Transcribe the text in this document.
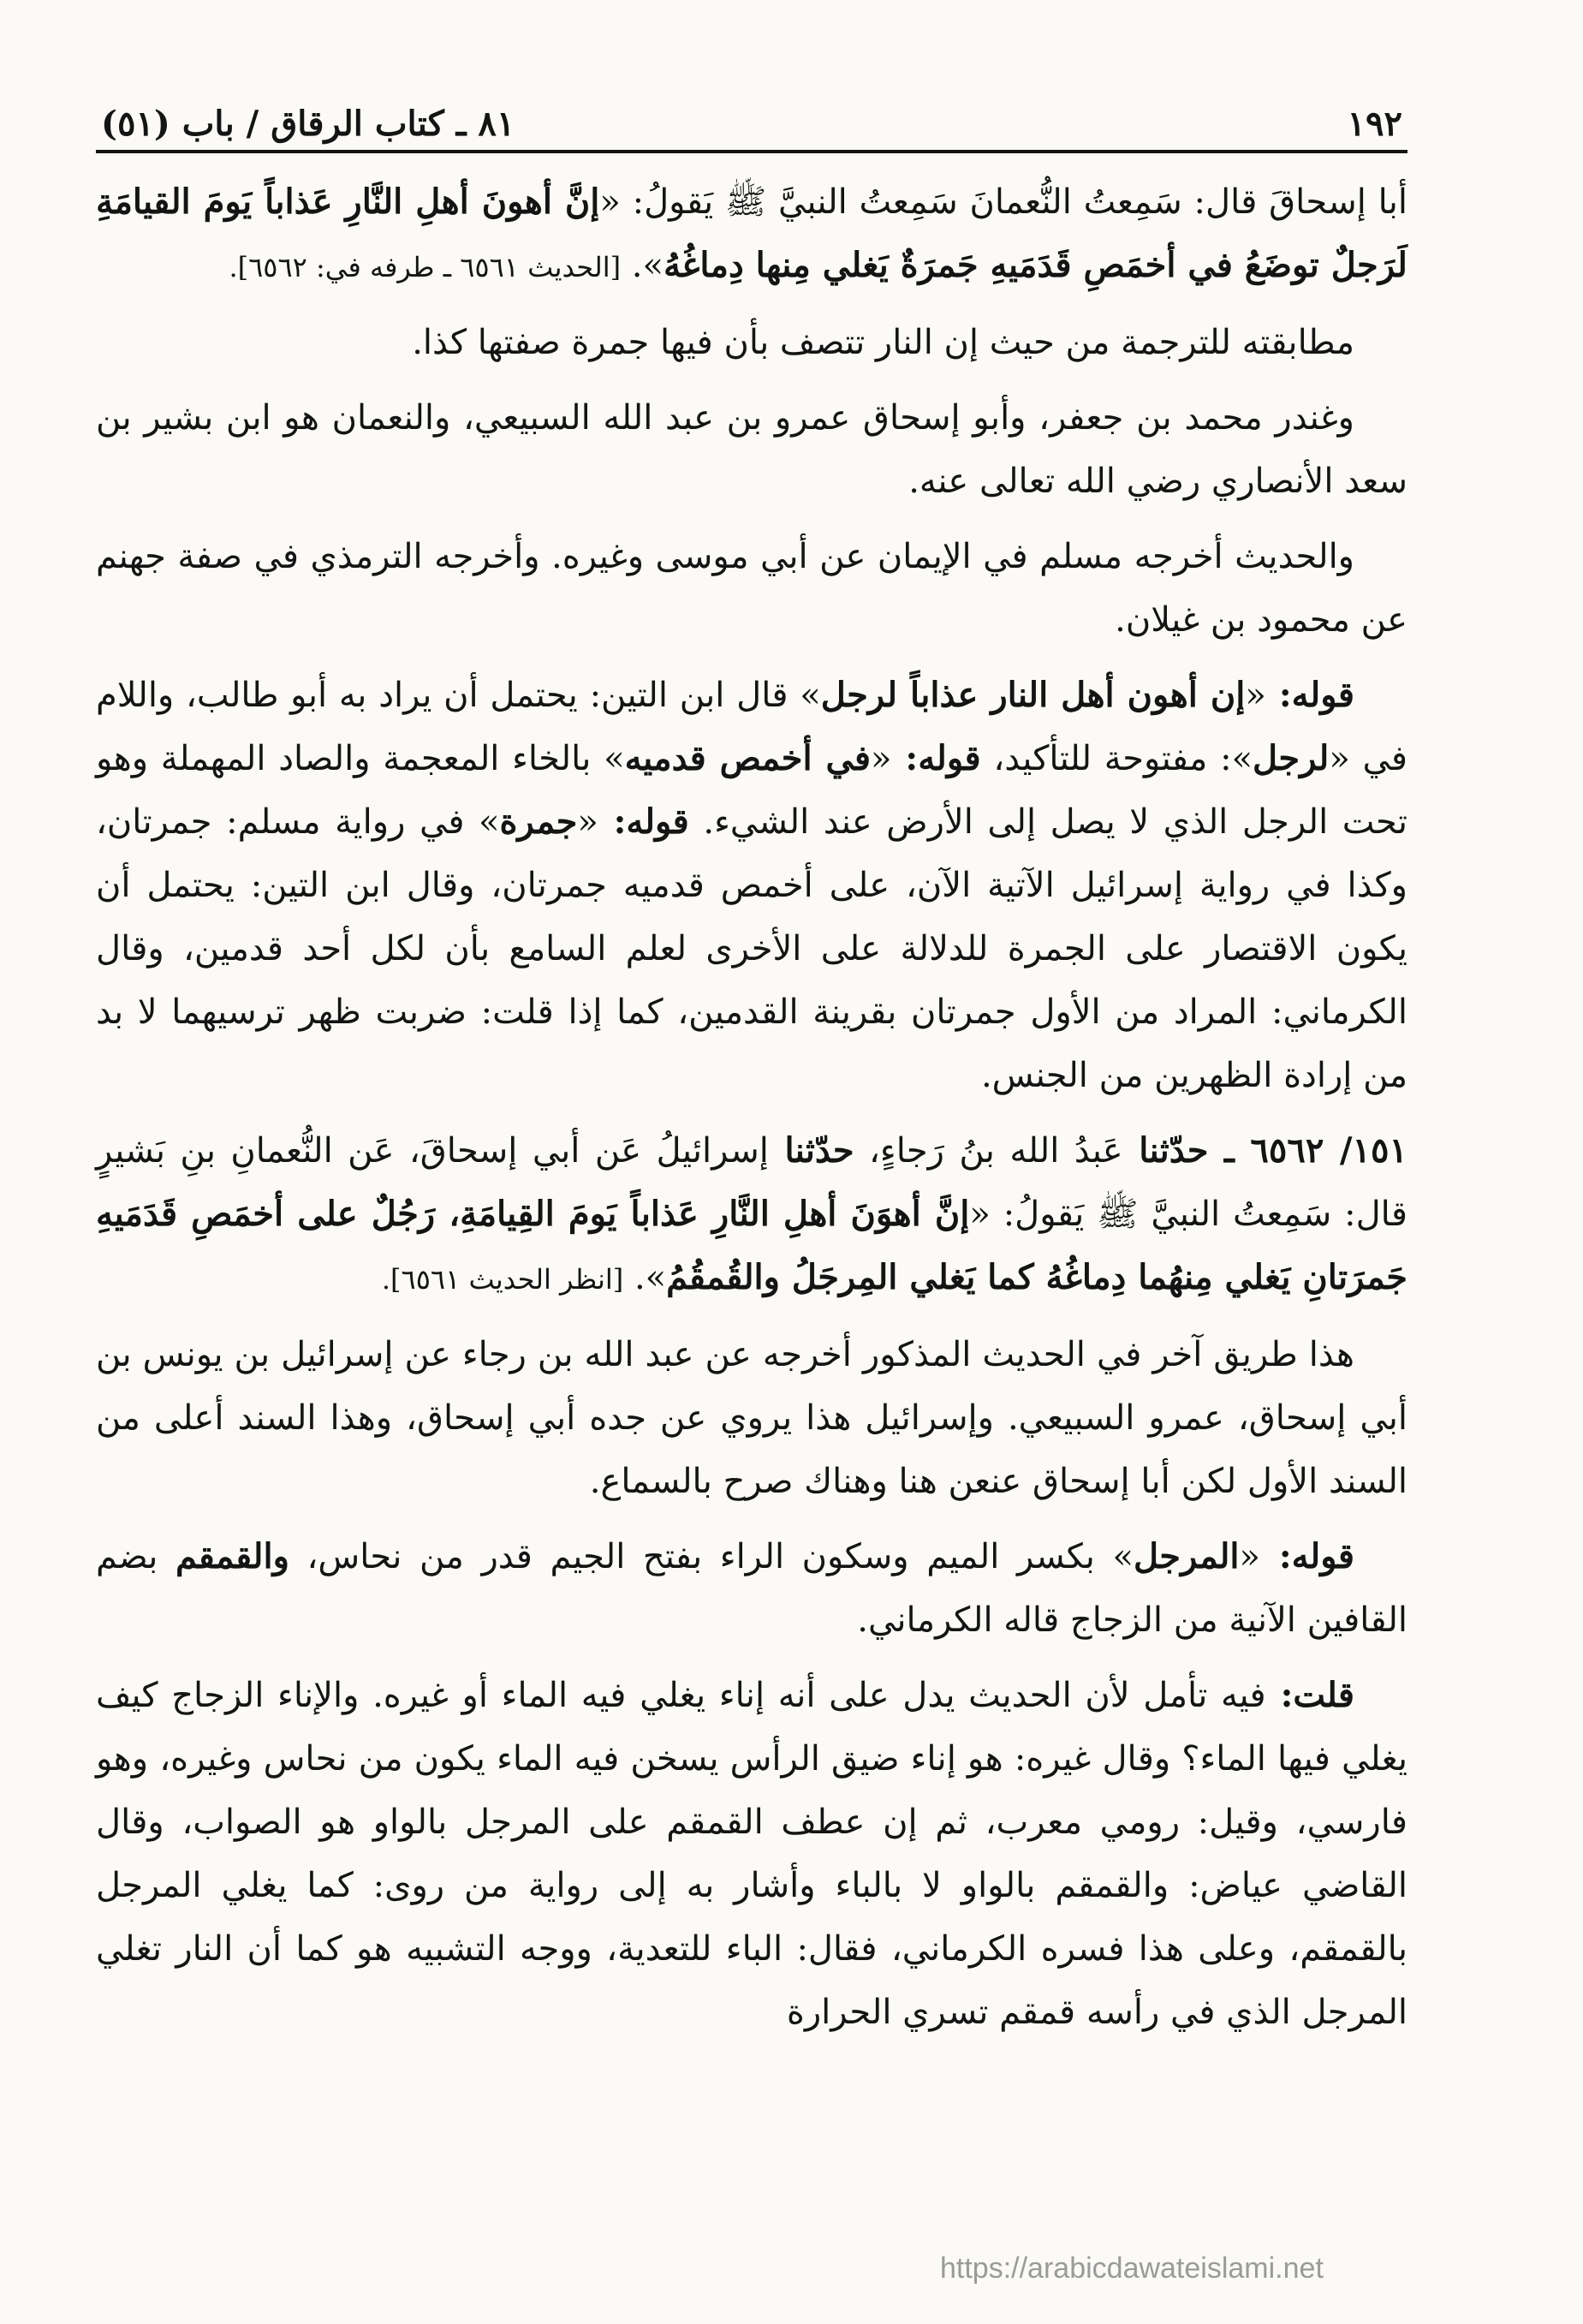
١٩٢
٨١ ـ كتاب الرقاق / باب (٥١)

أبا إسحاقَ قال: سَمِعتُ النُّعمانَ سَمِعتُ النبيَّ ﷺ يَقولُ: «إنَّ أهونَ أهلِ النَّارِ عَذاباً يَومَ القيامَةِ لَرَجلٌ توضَعُ في أخمَصِ قَدَمَيهِ جَمرَةٌ يَغلي مِنها دِماغُهُ». [الحديث ٦٥٦١ ـ طرفه في: ٦٥٦٢].

مطابقته للترجمة من حيث إن النار تتصف بأن فيها جمرة صفتها كذا.

وغندر محمد بن جعفر، وأبو إسحاق عمرو بن عبد الله السبيعي، والنعمان هو ابن بشير بن سعد الأنصاري رضي الله تعالى عنه.

والحديث أخرجه مسلم في الإيمان عن أبي موسى وغيره. وأخرجه الترمذي في صفة جهنم عن محمود بن غيلان.

قوله: «إن أهون أهل النار عذاباً لرجل» قال ابن التين: يحتمل أن يراد به أبو طالب، واللام في «لرجل»: مفتوحة للتأكيد، قوله: «في أخمص قدميه» بالخاء المعجمة والصاد المهملة وهو تحت الرجل الذي لا يصل إلى الأرض عند الشيء. قوله: «جمرة» في رواية مسلم: جمرتان، وكذا في رواية إسرائيل الآتية الآن، على أخمص قدميه جمرتان، وقال ابن التين: يحتمل أن يكون الاقتصار على الجمرة للدلالة على الأخرى لعلم السامع بأن لكل أحد قدمين، وقال الكرماني: المراد من الأول جمرتان بقرينة القدمين، كما إذا قلت: ضربت ظهر ترسيهما لا بد من إرادة الظهرين من الجنس.

١٥١/ ٦٥٦٢ ـ حدّثنا عَبدُ الله بنُ رَجاءٍ، حدّثنا إسرائيلُ عَن أبي إسحاقَ، عَن النُّعمانِ بنِ بَشيرٍ قال: سَمِعتُ النبيَّ ﷺ يَقولُ: «إنَّ أهوَنَ أهلِ النَّارِ عَذاباً يَومَ القِيامَةِ، رَجُلٌ على أخمَصِ قَدَمَيهِ جَمرَتانِ يَغلي مِنهُما دِماغُهُ كما يَغلي المِرجَلُ والقُمقُمُ». [انظر الحديث ٦٥٦١].

هذا طريق آخر في الحديث المذكور أخرجه عن عبد الله بن رجاء عن إسرائيل بن يونس بن أبي إسحاق، عمرو السبيعي. وإسرائيل هذا يروي عن جده أبي إسحاق، وهذا السند أعلى من السند الأول لكن أبا إسحاق عنعن هنا وهناك صرح بالسماع.

قوله: «المرجل» بكسر الميم وسكون الراء بفتح الجيم قدر من نحاس، والقمقم بضم القافين الآنية من الزجاج قاله الكرماني.

قلت: فيه تأمل لأن الحديث يدل على أنه إناء يغلي فيه الماء أو غيره. والإناء الزجاج كيف يغلي فيها الماء؟ وقال غيره: هو إناء ضيق الرأس يسخن فيه الماء يكون من نحاس وغيره، وهو فارسي، وقيل: رومي معرب، ثم إن عطف القمقم على المرجل بالواو هو الصواب، وقال القاضي عياض: والقمقم بالواو لا بالباء وأشار به إلى رواية من روى: كما يغلي المرجل بالقمقم، وعلى هذا فسره الكرماني، فقال: الباء للتعدية، ووجه التشبيه هو كما أن النار تغلي المرجل الذي في رأسه قمقم تسري الحرارة

https://arabicdawateislami.net
